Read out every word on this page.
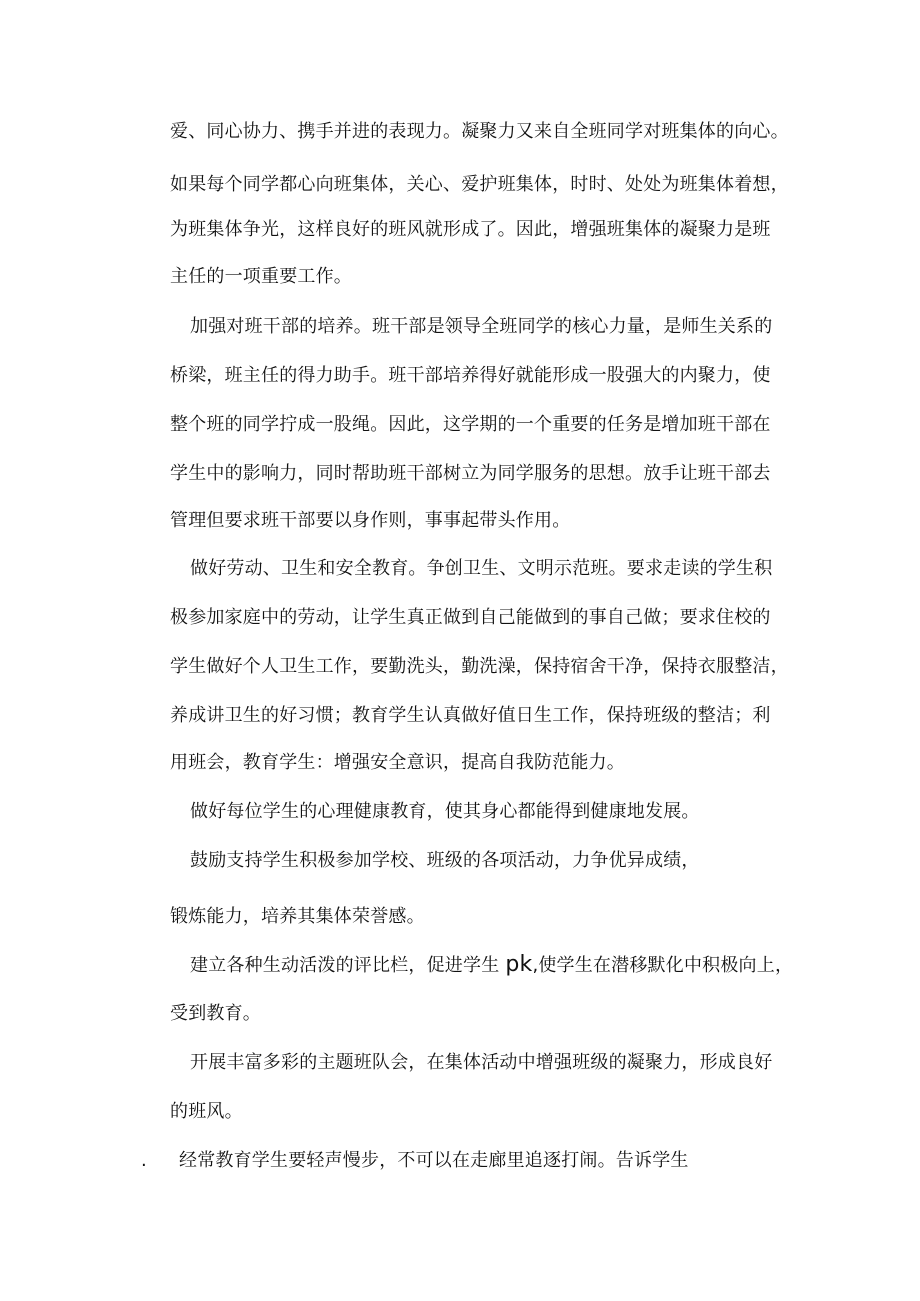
爱、同心协力、携手并进的表现力。凝聚力又来自全班同学对班集体的向心。
如果每个同学都心向班集体，关心、爱护班集体，时时、处处为班集体着想，
为班集体争光，这样良好的班风就形成了。因此，增强班集体的凝聚力是班
主任的一项重要工作。
加强对班干部的培养。班干部是领导全班同学的核心力量，是师生关系的
桥梁，班主任的得力助手。班干部培养得好就能形成一股强大的内聚力，使
整个班的同学拧成一股绳。因此，这学期的一个重要的任务是增加班干部在
学生中的影响力，同时帮助班干部树立为同学服务的思想。放手让班干部去
管理但要求班干部要以身作则，事事起带头作用。
做好劳动、卫生和安全教育。争创卫生、文明示范班。要求走读的学生积
极参加家庭中的劳动，让学生真正做到自己能做到的事自己做；要求住校的
学生做好个人卫生工作，要勤洗头，勤洗澡，保持宿舍干净，保持衣服整洁，
养成讲卫生的好习惯；教育学生认真做好值日生工作，保持班级的整洁；利
用班会，教育学生：增强安全意识，提高自我防范能力。
做好每位学生的心理健康教育，使其身心都能得到健康地发展。
鼓励支持学生积极参加学校、班级的各项活动，力争优异成绩，
锻炼能力，培养其集体荣誉感。
建立各种生动活泼的评比栏，促进学生 pk,使学生在潜移默化中积极向上，
受到教育。
开展丰富多彩的主题班队会，在集体活动中增强班级的凝聚力，形成良好
的班风。
. 经常教育学生要轻声慢步，不可以在走廊里追逐打闹。告诉学生
